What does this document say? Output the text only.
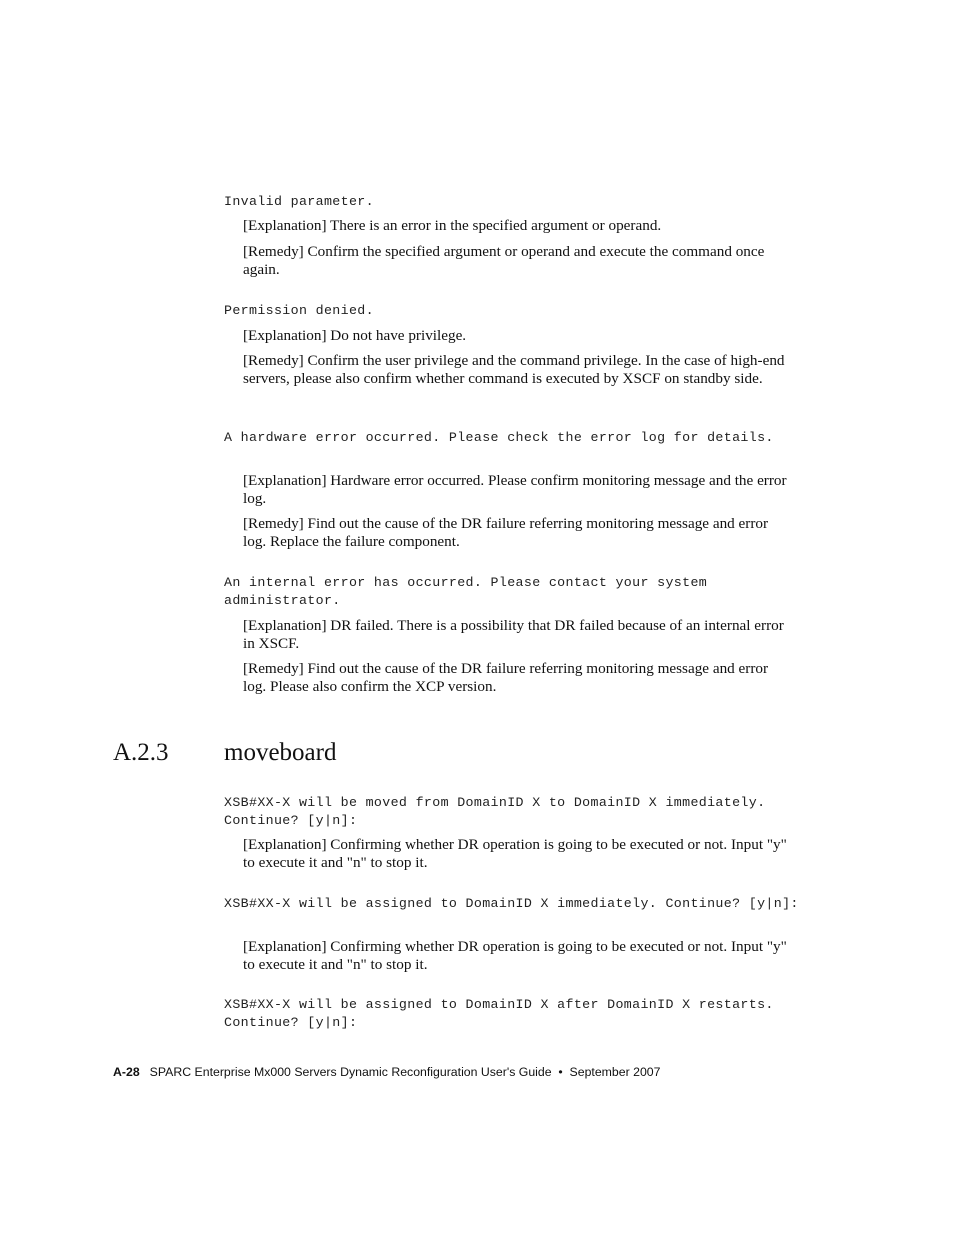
Invalid parameter.

[Explanation] There is an error in the specified argument or operand.

[Remedy] Confirm the specified argument or operand and execute the command once again.

Permission denied.

[Explanation] Do not have privilege.

[Remedy] Confirm the user privilege and the command privilege. In the case of high-end servers, please also confirm whether command is executed by XSCF on standby side.

A hardware error occurred. Please check the error log for details.

[Explanation] Hardware error occurred. Please confirm monitoring message and the error log.

[Remedy] Find out the cause of the DR failure referring monitoring message and error log. Replace the failure component.

An internal error has occurred. Please contact your system administrator.

[Explanation] DR failed. There is a possibility that DR failed because of an internal error in XSCF.

[Remedy] Find out the cause of the DR failure referring monitoring message and error log. Please also confirm the XCP version.

A.2.3 moveboard

XSB#XX-X will be moved from DomainID X to DomainID X immediately. Continue? [y|n]:

[Explanation] Confirming whether DR operation is going to be executed or not. Input "y" to execute it and "n" to stop it.

XSB#XX-X will be assigned to DomainID X immediately. Continue? [y|n]:

[Explanation] Confirming whether DR operation is going to be executed or not. Input "y" to execute it and "n" to stop it.

XSB#XX-X will be assigned to DomainID X after DomainID X restarts. Continue? [y|n]:

A-28 SPARC Enterprise Mx000 Servers Dynamic Reconfiguration User's Guide  •  September 2007
